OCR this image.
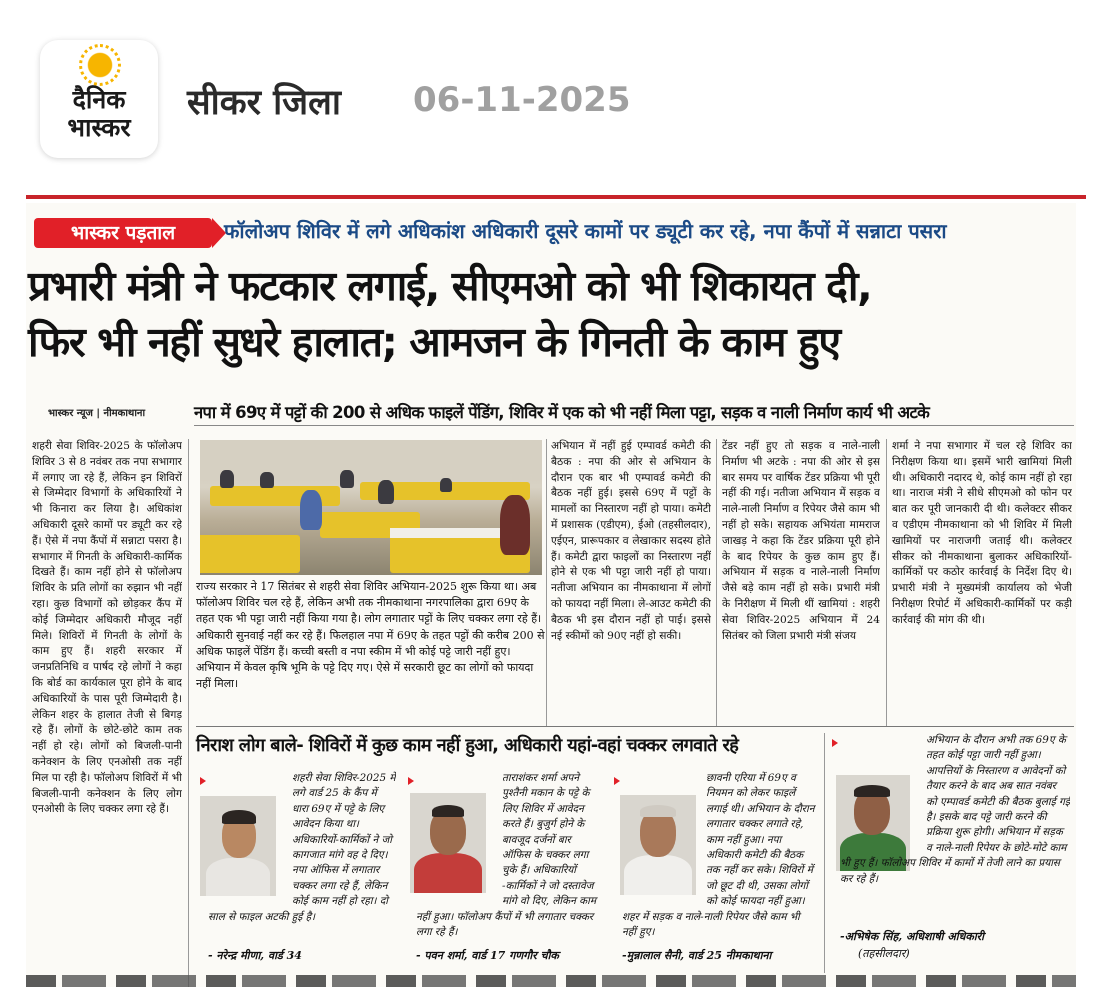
दैनिक
भास्कर
सीकर जिला 06-11-2025
भास्कर पड़ताल	फॉलोअप शिविर में लगे अधिकांश अधिकारी दूसरे कामों पर ड्यूटी कर रहे, नपा कैंपों में सन्नाटा पसरा
प्रभारी मंत्री ने फटकार लगाई, सीएमओ को भी शिकायत दी,
फिर भी नहीं सुधरे हालात; आमजन के गिनती के काम हुए
भास्कर न्यूज | नीमकाथाना	नपा में 69ए में पट्टों की 200 से अधिक फाइलें पेंडिंग, शिविर में एक को भी नहीं मिला पट्टा, सड़क व नाली निर्माण कार्य भी अटके
शहरी सेवा शिविर-2025 के फॉलोअप शिविर 3 से 8 नवंबर तक नपा सभागार में लगाए जा रहे हैं, लेकिन इन शिविरों से जिम्मेदार विभागों के अधिकारियों ने भी किनारा कर लिया है। अधिकांश अधिकारी दूसरे कामों पर ड्यूटी कर रहे हैं। ऐसे में नपा कैंपों में सन्नाटा पसरा है। सभागार में गिनती के अधिकारी-कार्मिक दिखते हैं। काम नहीं होने से फॉलोअप शिविर के प्रति लोगों का रुझान भी नहीं रहा। कुछ विभागों को छोड़कर कैंप में कोई जिम्मेदार अधिकारी मौजूद नहीं मिले। शिविरों में गिनती के लोगों के काम हुए हैं। शहरी सरकार में जनप्रतिनिधि व पार्षद रहे लोगों ने कहा कि बोर्ड का कार्यकाल पूरा होने के बाद अधिकारियों के पास पूरी जिम्मेदारी है। लेकिन शहर के हालात तेजी से बिगड़ रहे हैं। लोगों के छोटे-छोटे काम तक नहीं हो रहे। लोगों को बिजली-पानी कनेक्शन के लिए एनओसी तक नहीं मिल पा रही है। फॉलोअप शिविरों में भी बिजली-पानी कनेक्शन के लिए लोग एनओसी के लिए चक्कर लगा रहे हैं।
राज्य सरकार ने 17 सितंबर से शहरी सेवा शिविर अभियान-2025 शुरू किया था। अब फॉलोअप शिविर चल रहे हैं, लेकिन अभी तक नीमकाथाना नगरपालिका द्वारा 69ए के तहत एक भी पट्टा जारी नहीं किया गया है। लोग लगातार पट्टों के लिए चक्कर लगा रहे हैं। अधिकारी सुनवाई नहीं कर रहे हैं। फिलहाल नपा में 69ए के तहत पट्टों की करीब 200 से अधिक फाइलें पेंडिंग हैं। कच्ची बस्ती व नपा स्कीम में भी कोई पट्टे जारी नहीं हुए। अभियान में केवल कृषि भूमि के पट्टे दिए गए। ऐसे में सरकारी छूट का लोगों को फायदा नहीं मिला।
अभियान में नहीं हुई एम्पावर्ड कमेटी की बैठक : नपा की ओर से अभियान के दौरान एक बार भी एम्पावर्ड कमेटी की बैठक नहीं हुई। इससे 69ए में पट्टों के मामलों का निस्तारण नहीं हो पाया। कमेटी में प्रशासक (एडीएम), ईओ (तहसीलदार), एईएन, प्रारूपकार व लेखाकार सदस्य होते हैं। कमेटी द्वारा फाइलों का निस्तारण नहीं होने से एक भी पट्टा जारी नहीं हो पाया। नतीजा अभियान का नीमकाथाना में लोगों को फायदा नहीं मिला। ले-आउट कमेटी की बैठक भी इस दौरान नहीं हो पाई। इससे नई स्कीमों को 90ए नहीं हो सकी।
टेंडर नहीं हुए तो सड़क व नाले-नाली निर्माण भी अटके : नपा की ओर से इस बार समय पर वार्षिक टेंडर प्रक्रिया भी पूरी नहीं की गई। नतीजा अभियान में सड़क व नाले-नाली निर्माण व रिपेयर जैसे काम भी नहीं हो सके। सहायक अभियंता मामराज जाखड़ ने कहा कि टेंडर प्रक्रिया पूरी होने के बाद रिपेयर के कुछ काम हुए हैं। अभियान में सड़क व नाले-नाली निर्माण जैसे बड़े काम नहीं हो सके। प्रभारी मंत्री के निरीक्षण में मिली थीं खामियां : शहरी सेवा शिविर-2025 अभियान में 24 सितंबर को जिला प्रभारी मंत्री संजय
शर्मा ने नपा सभागार में चल रहे शिविर का निरीक्षण किया था। इसमें भारी खामियां मिली थी। अधिकारी नदारद थे, कोई काम नहीं हो रहा था। नाराज मंत्री ने सीधे सीएमओ को फोन पर बात कर पूरी जानकारी दी थी। कलेक्टर सीकर व एडीएम नीमकाथाना को भी शिविर में मिली खामियों पर नाराजगी जताई थी। कलेक्टर सीकर को नीमकाथाना बुलाकर अधिकारियों-कार्मिकों पर कठोर कार्रवाई के निर्देश दिए थे। प्रभारी मंत्री ने मुख्यमंत्री कार्यालय को भेजी निरीक्षण रिपोर्ट में अधिकारी-कार्मिकों पर कड़ी कार्रवाई की मांग की थी।
निराश लोग बाले- शिविरों में कुछ काम नहीं हुआ, अधिकारी यहां-वहां चक्कर लगवाते रहे
शहरी सेवा शिविर-2025 में लगे वार्ड 25 के कैंप में धारा 69ए में पट्टे के लिए आवेदन किया था। अधिकारियों-कार्मिकों ने जो कागजात मांगे वह दे दिए। नपा ऑफिस में लगातार चक्कर लगा रहे हैं, लेकिन कोई काम नहीं हो रहा। दो साल से फाइल अटकी हुई है।
- नरेन्द्र मीणा, वार्ड 34
ताराशंकर शर्मा अपने पुश्तैनी मकान के पट्टे के लिए शिविर में आवेदन करते हैं। बुजुर्ग होने के बावजूद दर्जनों बार ऑफिस के चक्कर लगा चुके हैं। अधिकारियों -कार्मिकों ने जो दस्तावेज मांगे वो दिए, लेकिन काम नहीं हुआ। फॉलोअप कैंपों में भी लगातार चक्कर लगा रहे हैं।
- पवन शर्मा, वार्ड 17 गणगौर चौक
छावनी एरिया में 69ए व नियमन को लेकर फाइलें लगाई थी। अभियान के दौरान लगातार चक्कर लगाते रहे, काम नहीं हुआ। नपा अधिकारी कमेटी की बैठक तक नहीं कर सके। शिविरों में जो छूट दी थी, उसका लोगों को कोई फायदा नहीं हुआ। शहर में सड़क व नाले-नाली रिपेयर जैसे काम भी नहीं हुए।
-मुन्नालाल सैनी, वार्ड 25 नीमकाथाना
अभियान के दौरान अभी तक 69ए के तहत कोई पट्टा जारी नहीं हुआ। आपत्तियों के निस्तारण व आवेदनों को तैयार करने के बाद अब सात नवंबर को एम्पावर्ड कमेटी की बैठक बुलाई गई है। इसके बाद पट्टे जारी करने की प्रक्रिया शुरू होगी। अभियान में सड़क व नाले-नाली रिपेयर के छोटे-मोटे काम भी हुए हैं। फॉलोअप शिविर में कामों में तेजी लाने का प्रयास कर रहे हैं।
-अभिषेक सिंह, अधिशाषी अधिकारी
(तहसीलदार)
